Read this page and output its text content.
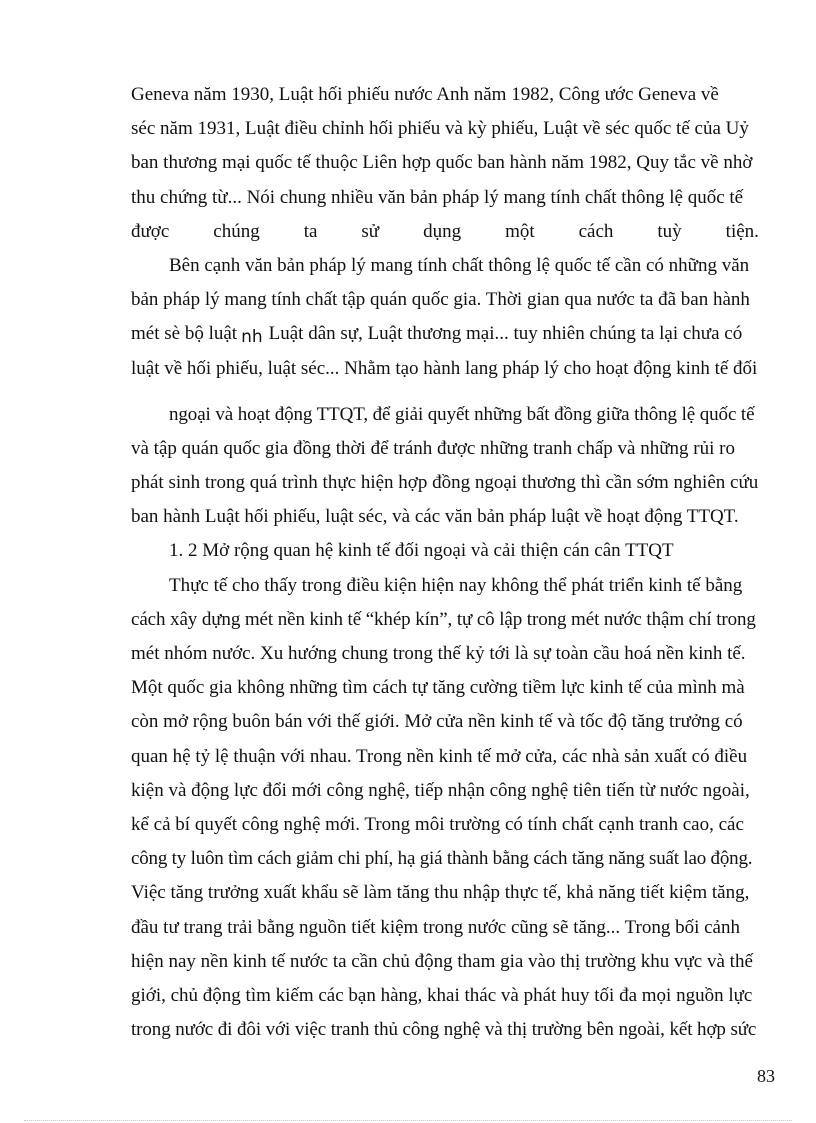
Geneva năm 1930, Luật hối phiếu nước Anh năm 1982, Công ước Geneva về
séc năm 1931, Luật điều chỉnh hối phiếu và kỳ phiếu, Luật về séc quốc tế của Uỷ
ban thương mại quốc tế thuộc Liên hợp quốc ban hành năm 1982, Quy tắc về nhờ
thu chứng từ... Nói chung nhiều văn bản pháp lý mang tính chất thông lệ quốc tế
được chúng ta sử dụng một cách tuỳ tiện.
Bên cạnh văn bản pháp lý mang tính chất thông lệ quốc tế cần có những văn
bản pháp lý mang tính chất tập quán quốc gia. Thời gian qua nước ta đã ban hành
mét sè bộ luật nh Luật dân sự, Luật thương mại... tuy nhiên chúng ta lại chưa có
luật về hối phiếu, luật séc... Nhằm tạo hành lang pháp lý cho hoạt động kinh tế đối
ngoại và hoạt động TTQT, để giải quyết những bất đồng giữa thông lệ quốc tế
và tập quán quốc gia đồng thời để tránh được những tranh chấp và những rủi ro
phát sinh trong quá trình thực hiện hợp đồng ngoại thương thì cần sớm nghiên cứu
ban hành Luật hối phiếu, luật séc, và các văn bản pháp luật về hoạt động TTQT.
1. 2 Mở rộng quan hệ kinh tế đối ngoại và cải thiện cán cân TTQT
Thực tế cho thấy trong điều kiện hiện nay không thể phát triển kinh tế bằng
cách xây dựng mét nền kinh tế “khép kín”, tự cô lập trong mét nước thậm chí trong
mét nhóm nước. Xu hướng chung trong thế kỷ tới là sự toàn cầu hoá nền kinh tế.
Một quốc gia không những tìm cách tự tăng cường tiềm lực kinh tế của mình mà
còn mở rộng buôn bán với thế giới. Mở cửa nền kinh tế và tốc độ tăng trưởng có
quan hệ tỷ lệ thuận với nhau. Trong nền kinh tế mở cửa, các nhà sản xuất có điều
kiện và động lực đổi mới công nghệ, tiếp nhận công nghệ tiên tiến từ nước ngoài,
kể cả bí quyết công nghệ mới. Trong môi trường có tính chất cạnh tranh cao, các
công ty luôn tìm cách giảm chi phí, hạ giá thành bằng cách tăng năng suất lao động.
Việc tăng trưởng xuất khẩu sẽ làm tăng thu nhập thực tế, khả năng tiết kiệm tăng,
đầu tư trang trải bằng nguồn tiết kiệm trong nước cũng sẽ tăng... Trong bối cảnh
hiện nay nền kinh tế nước ta cần chủ động tham gia vào thị trường khu vực và thế
giới, chủ động tìm kiếm các bạn hàng, khai thác và phát huy tối đa mọi nguồn lực
trong nước đi đôi với việc tranh thủ công nghệ và thị trường bên ngoài, kết hợp sức
83
